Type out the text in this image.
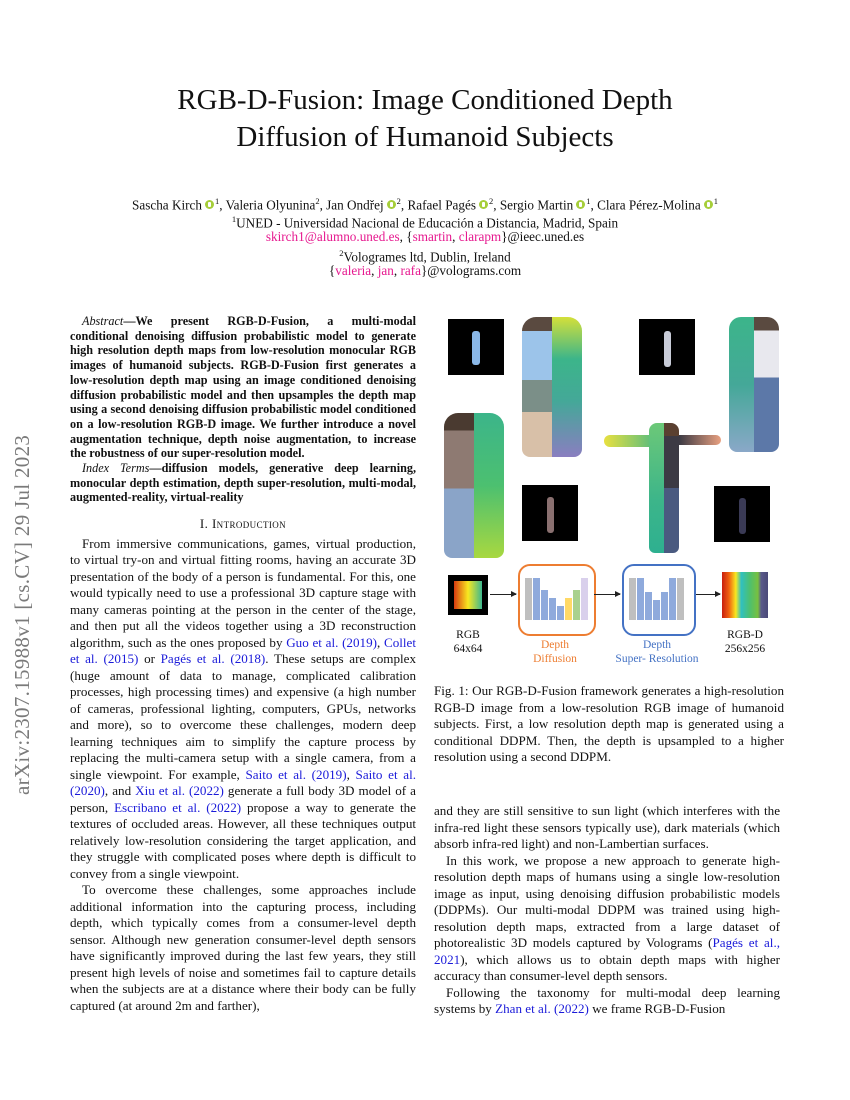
arXiv:2307.15988v1 [cs.CV] 29 Jul 2023
RGB-D-Fusion: Image Conditioned Depth
Diffusion of Humanoid Subjects
Sascha Kirch $^1$, Valeria Olyunina$^2$, Jan Ondřej $^2$, Rafael Pagés $^2$, Sergio Martin $^1$, Clara Pérez-Molina $^1$
$^1$UNED - Universidad Nacional de Educación a Distancia, Madrid, Spain
skirch1@alumno.uned.es, {smartin, clarapm}@ieec.uned.es
$^2$Vologrames ltd, Dublin, Ireland
{valeria, jan, rafa}@volograms.com

Abstract—We present RGB-D-Fusion, a multi-modal conditional denoising diffusion probabilistic model to generate high resolution depth maps from low-resolution monocular RGB images of humanoid subjects. RGB-D-Fusion first generates a low-resolution depth map using an image conditioned denoising diffusion probabilistic model and then upsamples the depth map using a second denoising diffusion probabilistic model conditioned on a low-resolution RGB-D image. We further introduce a novel augmentation technique, depth noise augmentation, to increase the robustness of our super-resolution model.

Index Terms—diffusion models, generative deep learning, monocular depth estimation, depth super-resolution, multi-modal, augmented-reality, virtual-reality

I. Introduction

From immersive communications, games, virtual production, to virtual try-on and virtual fitting rooms, having an accurate 3D presentation of the body of a person is fundamental. For this, one would typically need to use a professional 3D capture stage with many cameras pointing at the person in the center of the stage, and then put all the videos together using a 3D reconstruction algorithm, such as the ones proposed by Guo et al. (2019), Collet et al. (2015) or Pagés et al. (2018). These setups are complex (huge amount of data to manage, complicated calibration processes, high processing times) and expensive (a high number of cameras, professional lighting, computers, GPUs, networks and more), so to overcome these challenges, modern deep learning techniques aim to simplify the capture process by replacing the multi-camera setup with a single camera, from a single viewpoint. For example, Saito et al. (2019), Saito et al. (2020), and Xiu et al. (2022) generate a full body 3D model of a person, Escribano et al. (2022) propose a way to generate the textures of occluded areas. However, all these techniques output relatively low-resolution considering the target application, and they struggle with complicated poses where depth is difficult to convey from a single viewpoint.

To overcome these challenges, some approaches include additional information into the capturing process, including depth, which typically comes from a consumer-level depth sensor. Although new generation consumer-level depth sensors have significantly improved during the last few years, they still present high levels of noise and sometimes fail to capture details when the subjects are at a distance where their body can be fully captured (at around 2m and farther),

RGB
64x64	Depth
Diffusion
Depth
Super- Resolution
RGB-D
256x256
Fig. 1: Our RGB-D-Fusion framework generates a high-resolution RGB-D image from a low-resolution RGB image of humanoid subjects. First, a low resolution depth map is generated using a conditional DDPM. Then, the depth is upsampled to a higher resolution using a second DDPM.

and they are still sensitive to sun light (which interferes with the infra-red light these sensors typically use), dark materials (which absorb infra-red light) and non-Lambertian surfaces.

In this work, we propose a new approach to generate high-resolution depth maps of humans using a single low-resolution image as input, using denoising diffusion probabilistic models (DDPMs). Our multi-modal DDPM was trained using high-resolution depth maps, extracted from a large dataset of photorealistic 3D models captured by Volograms (Pagés et al., 2021), which allows us to obtain depth maps with higher accuracy than consumer-level depth sensors.

Following the taxonomy for multi-modal deep learning systems by Zhan et al. (2022) we frame RGB-D-Fusion
